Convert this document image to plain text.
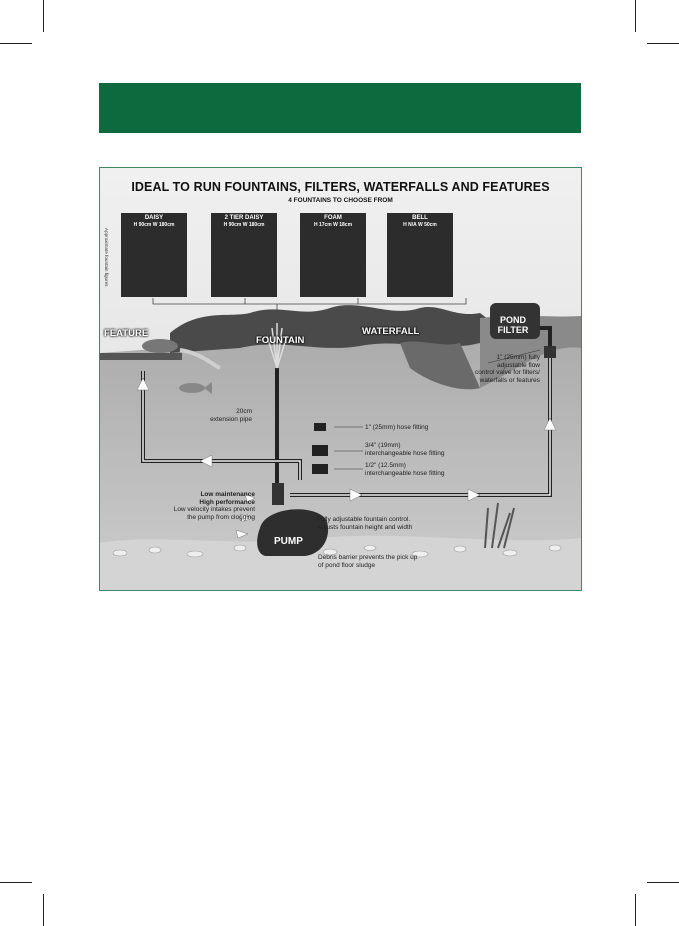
IDEAL TO RUN FOUNTAINS, FILTERS, WATERFALLS AND FEATURES
4 FOUNTAINS TO CHOOSE FROM
Approximate fountain figures
DAISY
H 90cm W 180cm
2 TIER DAISY
H 90cm W 180cm
FOAM
H 17cm W 18cm
BELL
H N/A W 50cm
FEATURE
FOUNTAIN
WATERFALL
POND
FILTER
PUMP
1" (25mm) fully
adjustable flow
control valve for filters/
waterfalls or features
20cm
extension pipe
1" (25mm) hose fitting
3/4" (19mm)
interchangeable hose fitting
1/2" (12.5mm)
interchangeable hose fitting
Low maintenance
High performance
Low velocity intakes prevent
the pump from clogging	Fully adjustable fountain control.
Adjusts fountain height and width
Debris barrier prevents the pick up
of pond floor sludge
